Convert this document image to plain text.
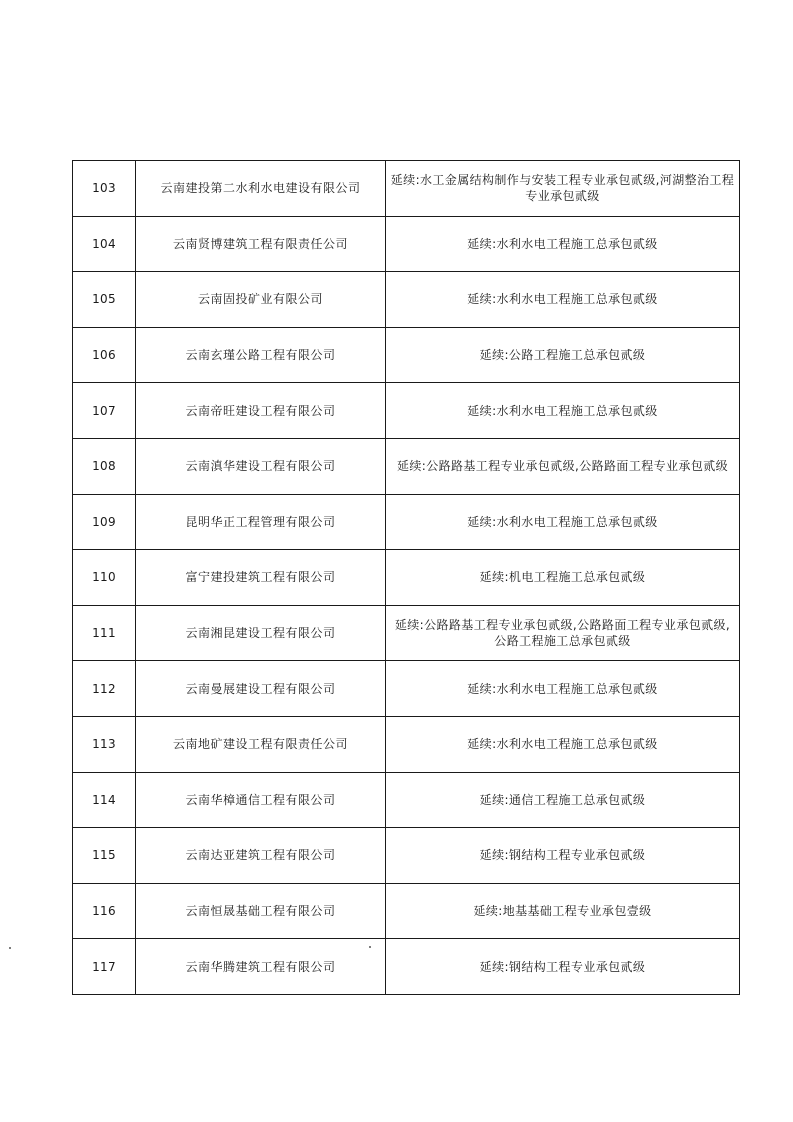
103	云南建投第二水利水电建设有限公司	延续:水工金属结构制作与安装工程专业承包贰级,河湖整治工程专业承包贰级
104	云南贤博建筑工程有限责任公司	延续:水利水电工程施工总承包贰级
105	云南固投矿业有限公司	延续:水利水电工程施工总承包贰级
106	云南玄瑾公路工程有限公司	延续:公路工程施工总承包贰级
107	云南帝旺建设工程有限公司	延续:水利水电工程施工总承包贰级
108	云南滇华建设工程有限公司	延续:公路路基工程专业承包贰级,公路路面工程专业承包贰级
109	昆明华正工程管理有限公司	延续:水利水电工程施工总承包贰级
110	富宁建投建筑工程有限公司	延续:机电工程施工总承包贰级
111	云南湘昆建设工程有限公司	延续:公路路基工程专业承包贰级,公路路面工程专业承包贰级,公路工程施工总承包贰级
112	云南曼展建设工程有限公司	延续:水利水电工程施工总承包贰级
113	云南地矿建设工程有限责任公司	延续:水利水电工程施工总承包贰级
114	云南华樟通信工程有限公司	延续:通信工程施工总承包贰级
115	云南达亚建筑工程有限公司	延续:钢结构工程专业承包贰级
116	云南恒晟基础工程有限公司	延续:地基基础工程专业承包壹级
117	云南华腾建筑工程有限公司	延续:钢结构工程专业承包贰级
